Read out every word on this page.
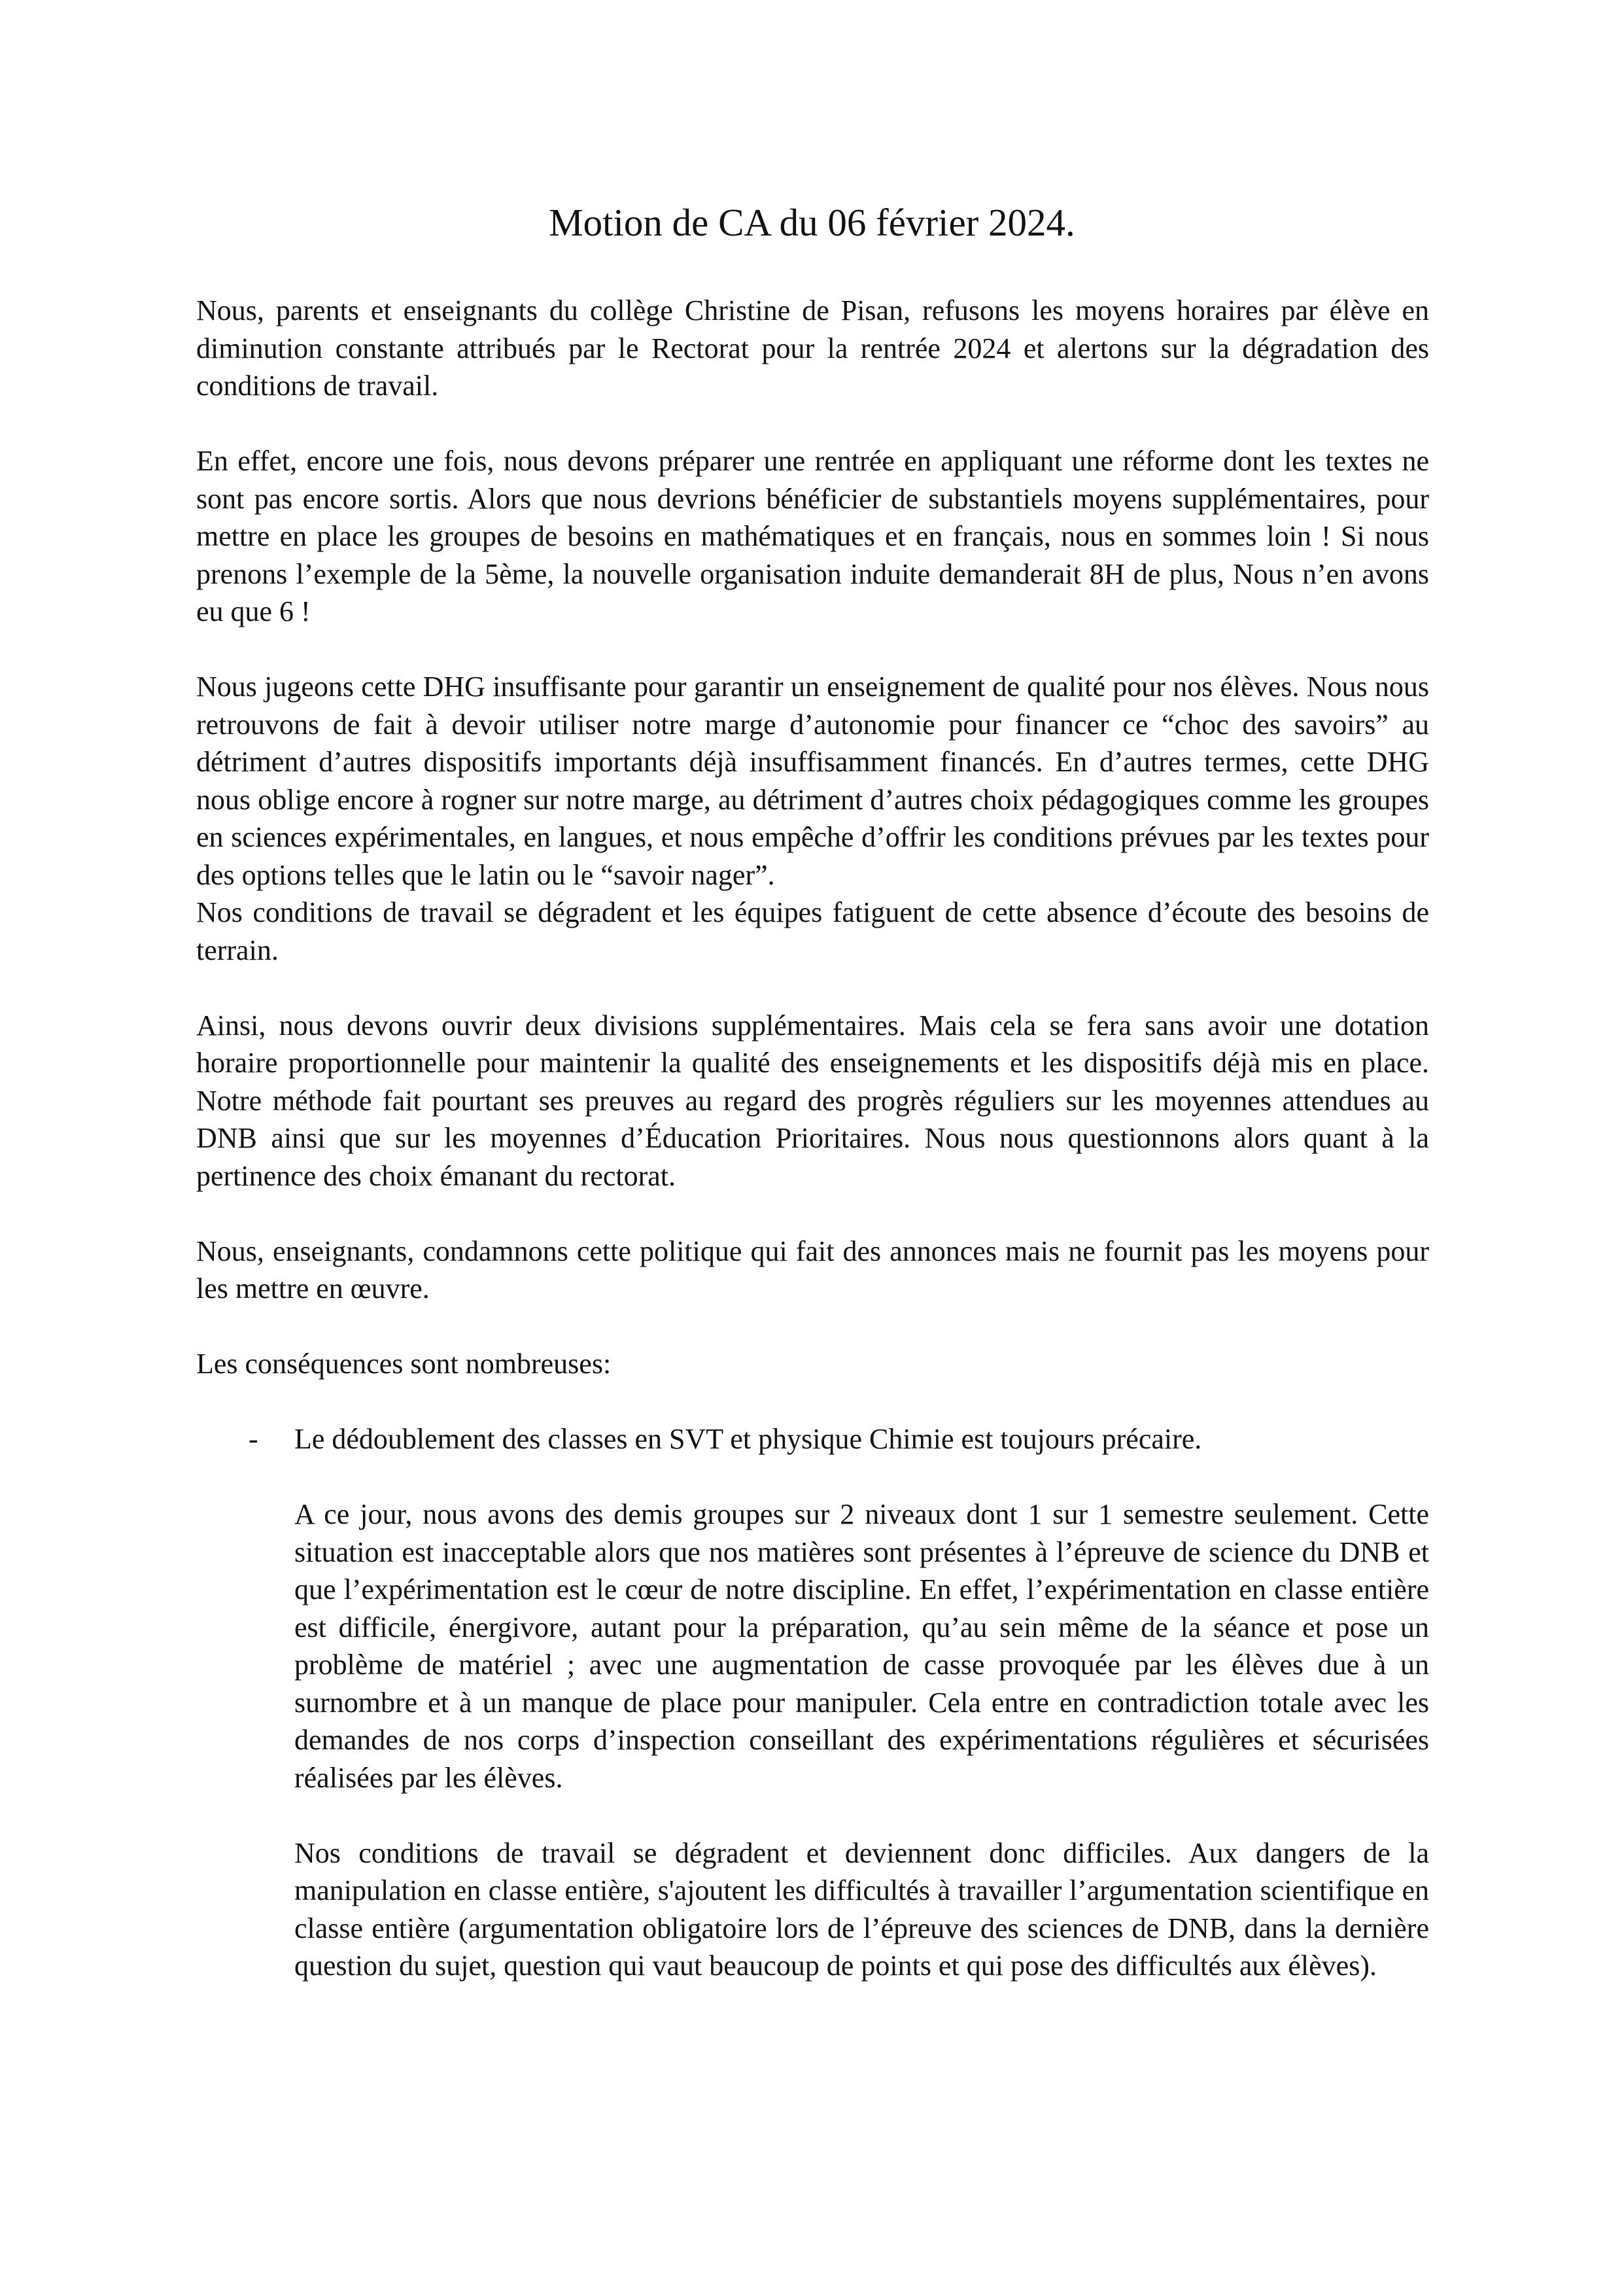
Motion de CA du 06 février 2024.

Nous, parents et enseignants du collège Christine de Pisan, refusons les moyens horaires par élève en diminution constante attribués par le Rectorat pour la rentrée 2024 et alertons sur la dégradation des conditions de travail.

En effet, encore une fois, nous devons préparer une rentrée en appliquant une réforme dont les textes ne sont pas encore sortis. Alors que nous devrions bénéficier de substantiels moyens supplémentaires, pour mettre en place les groupes de besoins en mathématiques et en français, nous en sommes loin ! Si nous prenons l’exemple de la 5ème, la nouvelle organisation induite demanderait 8H de plus, Nous n’en avons eu que 6 !

Nous jugeons cette DHG insuffisante pour garantir un enseignement de qualité pour nos élèves. Nous nous retrouvons de fait à devoir utiliser notre marge d’autonomie pour financer ce “choc des savoirs” au détriment d’autres dispositifs importants déjà insuffisamment financés. En d’autres termes, cette DHG nous oblige encore à rogner sur notre marge, au détriment d’autres choix pédagogiques comme les groupes en sciences expérimentales, en langues, et nous empêche d’offrir les conditions prévues par les textes pour des options telles que le latin ou le “savoir nager”.

Nos conditions de travail se dégradent et les équipes fatiguent de cette absence d’écoute des besoins de terrain.

Ainsi, nous devons ouvrir deux divisions supplémentaires. Mais cela se fera sans avoir une dotation horaire proportionnelle pour maintenir la qualité des enseignements et les dispositifs déjà mis en place. Notre méthode fait pourtant ses preuves au regard des progrès réguliers sur les moyennes attendues au DNB ainsi que sur les moyennes d’Éducation Prioritaires. Nous nous questionnons alors quant à la pertinence des choix émanant du rectorat.

Nous, enseignants, condamnons cette politique qui fait des annonces mais ne fournit pas les moyens pour les mettre en œuvre.

Les conséquences sont nombreuses:

- Le dédoublement des classes en SVT et physique Chimie est toujours précaire.

A ce jour, nous avons des demis groupes sur 2 niveaux dont 1 sur 1 semestre seulement. Cette situation est inacceptable alors que nos matières sont présentes à l’épreuve de science du DNB et que l’expérimentation est le cœur de notre discipline. En effet, l’expérimentation en classe entière est difficile, énergivore, autant pour la préparation, qu’au sein même de la séance et pose un problème de matériel ; avec une augmentation de casse provoquée par les élèves due à un surnombre et à un manque de place pour manipuler. Cela entre en contradiction totale avec les demandes de nos corps d’inspection conseillant des expérimentations régulières et sécurisées réalisées par les élèves.

Nos conditions de travail se dégradent et deviennent donc difficiles. Aux dangers de la manipulation en classe entière, s'ajoutent les difficultés à travailler l’argumentation scientifique en classe entière (argumentation obligatoire lors de l’épreuve des sciences de DNB, dans la dernière question du sujet, question qui vaut beaucoup de points et qui pose des difficultés aux élèves).
